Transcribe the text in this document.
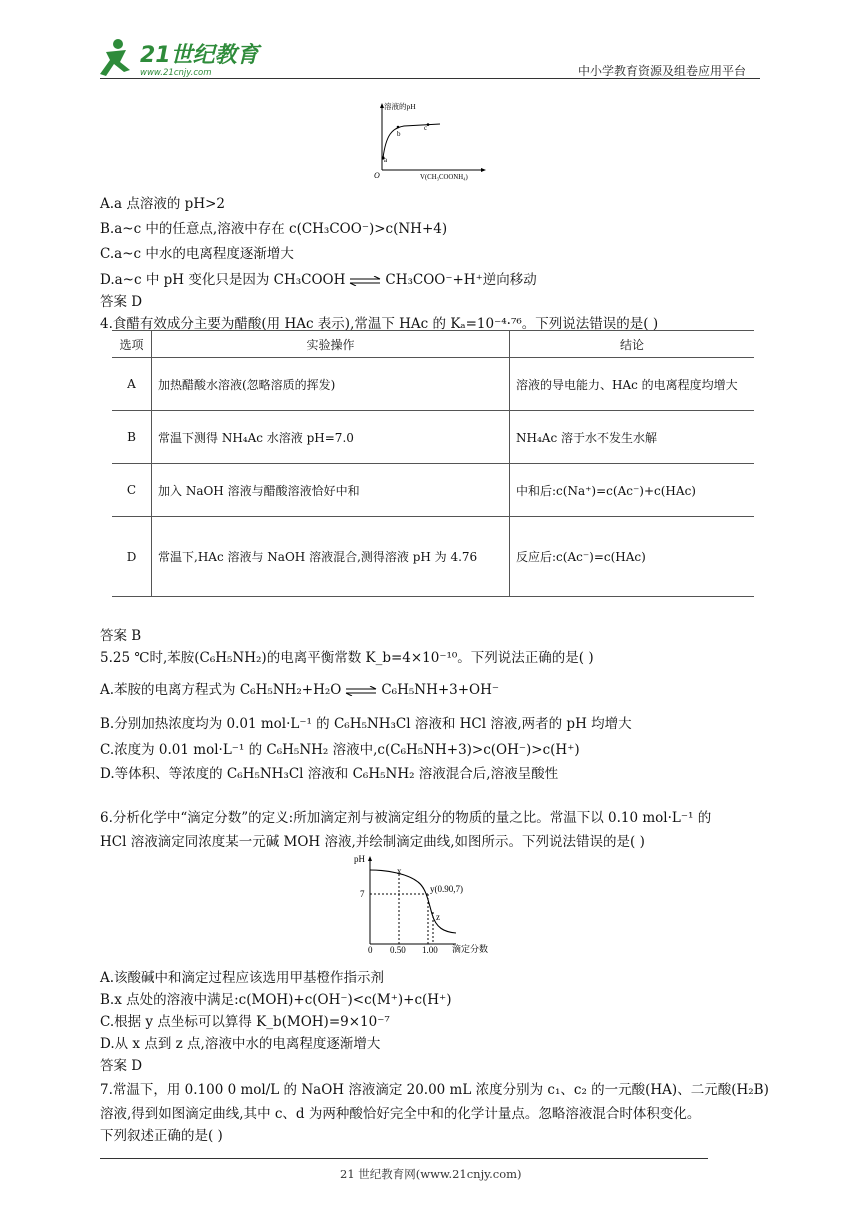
21世纪教育
www.21cnjy.com	中小学教育资源及组卷应用平台
溶液的pH
a
b
c
O	V(CH₃COONH₄)
A.a 点溶液的 pH>2
B.a~c 中的任意点,溶液中存在 c(CH₃COO⁻)>c(NH+4)
C.a~c 中水的电离程度逐渐增大
D.a~c 中 pH 变化只是因为 CH₃COOH ⇌ CH₃COO⁻+H⁺逆向移动
答案 D
4.食醋有效成分主要为醋酸(用 HAc 表示),常温下 HAc 的 Kₐ=10⁻⁴·⁷⁶。下列说法错误的是( )
选项	实验操作	结论
A	加热醋酸水溶液(忽略溶质的挥发)	溶液的导电能力、HAc 的电离程度均增大
B	常温下测得 NH₄Ac 水溶液 pH=7.0	NH₄Ac 溶于水不发生水解
C	加入 NaOH 溶液与醋酸溶液恰好中和	中和后:c(Na⁺)=c(Ac⁻)+c(HAc)
D	常温下,HAc 溶液与 NaOH 溶液混合,测得溶液 pH 为 4.76	反应后:c(Ac⁻)=c(HAc)
答案 B
5.25 ℃时,苯胺(C₆H₅NH₂)的电离平衡常数 K_b=4×10⁻¹⁰。下列说法正确的是( )
A.苯胺的电离方程式为 C₆H₅NH₂+H₂O ⇌ C₆H₅NH+3+OH⁻
B.分别加热浓度均为 0.01 mol·L⁻¹ 的 C₆H₅NH₃Cl 溶液和 HCl 溶液,两者的 pH 均增大
C.浓度为 0.01 mol·L⁻¹ 的 C₆H₅NH₂ 溶液中,c(C₆H₅NH+3)>c(OH⁻)>c(H⁺)
D.等体积、等浓度的 C₆H₅NH₃Cl 溶液和 C₆H₅NH₂ 溶液混合后,溶液呈酸性
6.分析化学中“滴定分数”的定义:所加滴定剂与被滴定组分的物质的量之比。常温下以 0.10 mol·L⁻¹ 的
HCl 溶液滴定同浓度某一元碱 MOH 溶液,并绘制滴定曲线,如图所示。下列说法错误的是( )
pH
7
0 0.50 1.00 滴定分数
x
y(0.90,7)
z
A.该酸碱中和滴定过程应该选用甲基橙作指示剂
B.x 点处的溶液中满足:c(MOH)+c(OH⁻)<c(M⁺)+c(H⁺)
C.根据 y 点坐标可以算得 K_b(MOH)=9×10⁻⁷
D.从 x 点到 z 点,溶液中水的电离程度逐渐增大
答案 D
7.常温下，用 0.100 0 mol/L 的 NaOH 溶液滴定 20.00 mL 浓度分别为 c₁、c₂ 的一元酸(HA)、二元酸(H₂B)
溶液,得到如图滴定曲线,其中 c、d 为两种酸恰好完全中和的化学计量点。忽略溶液混合时体积变化。
下列叙述正确的是( )
21 世纪教育网(www.21cnjy.com)
